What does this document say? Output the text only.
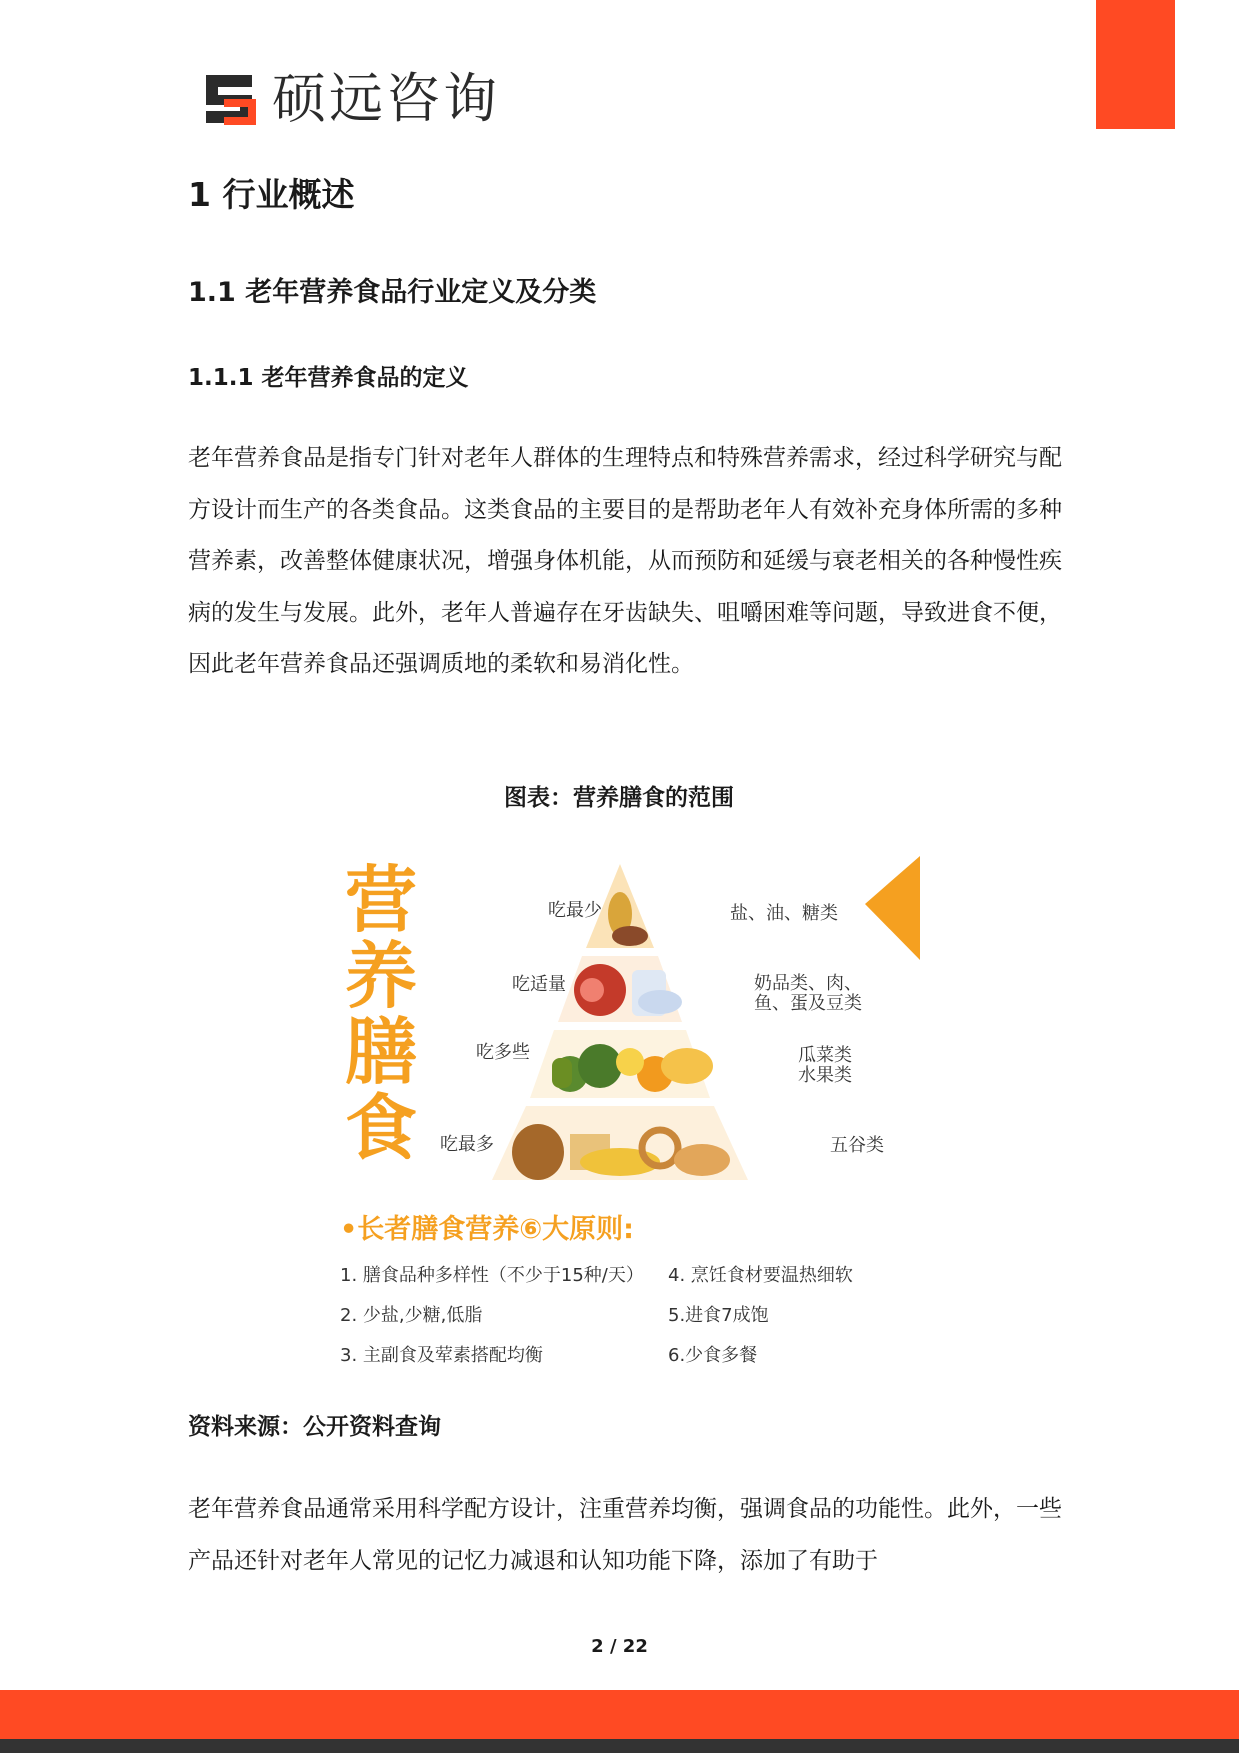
硕远咨询
1 行业概述
1.1 老年营养食品行业定义及分类
1.1.1 老年营养食品的定义

老年营养食品是指专门针对老年人群体的生理特点和特殊营养需求，经过科学研究与配方设计而生产的各类食品。这类食品的主要目的是帮助老年人有效补充身体所需的多种营养素，改善整体健康状况，增强身体机能，从而预防和延缓与衰老相关的各种慢性疾病的发生与发展。此外，老年人普遍存在牙齿缺失、咀嚼困难等问题，导致进食不便，因此老年营养食品还强调质地的柔软和易消化性。

图表：营养膳食的范围
营养膳食
吃最少	盐、油、糖类
吃适量	奶品类、肉、鱼、蛋及豆类
吃多些	瓜菜类水果类
吃最多	五谷类
•长者膳食营养⑥大原则:
1. 膳食品种多样性（不少于15种/天） 4. 烹饪食材要温热细软
2. 少盐,少糖,低脂	5.进食7成饱
3. 主副食及荤素搭配均衡	6.少食多餐
资料来源：公开资料查询

老年营养食品通常采用科学配方设计，注重营养均衡，强调食品的功能性。此外，一些产品还针对老年人常见的记忆力减退和认知功能下降，添加了有助于

2 / 22
